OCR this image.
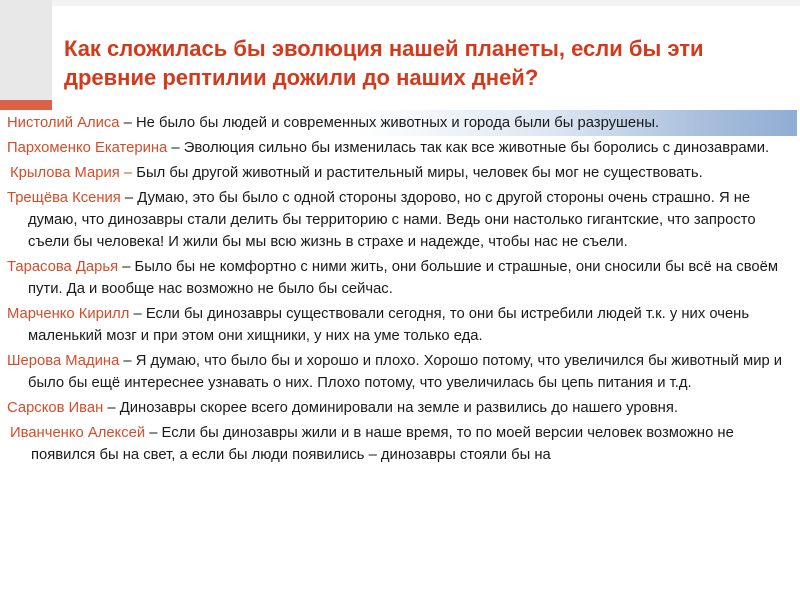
Как сложилась бы эволюция нашей планеты, если бы эти древние рептилии дожили до наших дней?

Нистолий Алиса – Не было бы людей и современных животных и города были бы разрушены.

Пархоменко Екатерина – Эволюция сильно бы изменилась так как все животные бы боролись с динозаврами.

Крылова Мария – Был бы другой животный и растительный миры, человек бы мог не существовать.

Трещёва Ксения – Думаю, это бы было с одной стороны здорово, но с другой стороны очень страшно. Я не думаю, что динозавры стали делить бы территорию с нами. Ведь они настолько гигантские, что запросто съели бы человека! И жили бы мы всю жизнь в страхе и надежде, чтобы нас не съели.

Тарасова Дарья – Было бы не комфортно с ними жить, они большие и страшные, они сносили бы всё на своём пути. Да и вообще нас возможно не было бы сейчас.

Марченко Кирилл – Если бы динозавры существовали сегодня, то они бы истребили людей т.к. у них очень маленький мозг и при этом они хищники, у них на уме только еда.

Шерова Мадина – Я думаю, что было бы и хорошо и плохо. Хорошо потому, что увеличился бы животный мир и было бы ещё интереснее узнавать о них. Плохо потому, что увеличилась бы цепь питания и т.д.

Сарсков Иван – Динозавры скорее всего доминировали на земле и развились до нашего уровня.

Иванченко Алексей – Если бы динозавры жили и в наше время, то по моей версии человек возможно не появился бы на свет, а если бы люди появились – динозавры стояли бы на
